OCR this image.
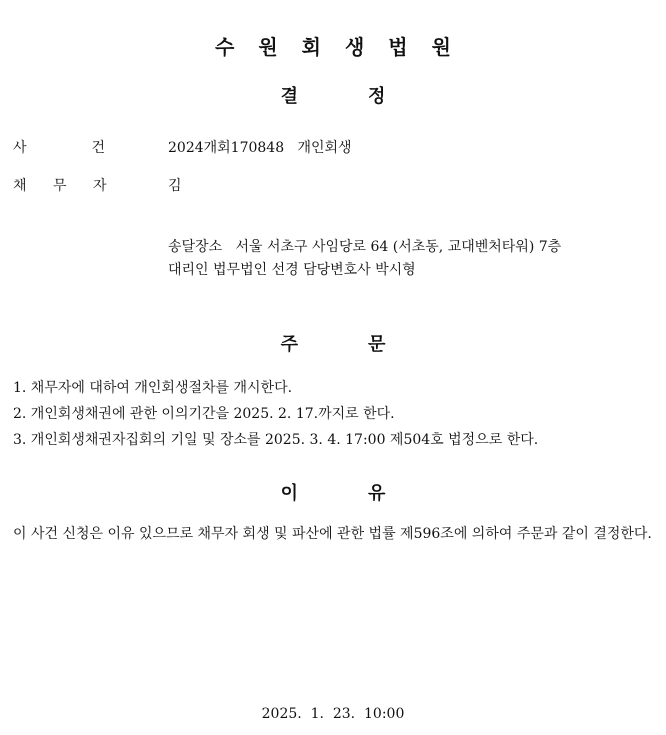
수원회생법원
결	정
사	건	2024개회170848   개인회생
채 무 자	김
송달장소   서울 서초구 사임당로 64 (서초동, 교대벤처타워) 7층
대리인 법무법인 선경 담당변호사 박시형
주	문
1. 채무자에 대하여 개인회생절차를 개시한다.
2. 개인회생채권에 관한 이의기간을 2025. 2. 17.까지로 한다.
3. 개인회생채권자집회의 기일 및 장소를 2025. 3. 4. 17:00 제504호 법정으로 한다.
이	유
이 사건 신청은 이유 있으므로 채무자 회생 및 파산에 관한 법률 제596조에 의하여 주문과 같이 결정한다.
2025.  1.  23.  10:00
